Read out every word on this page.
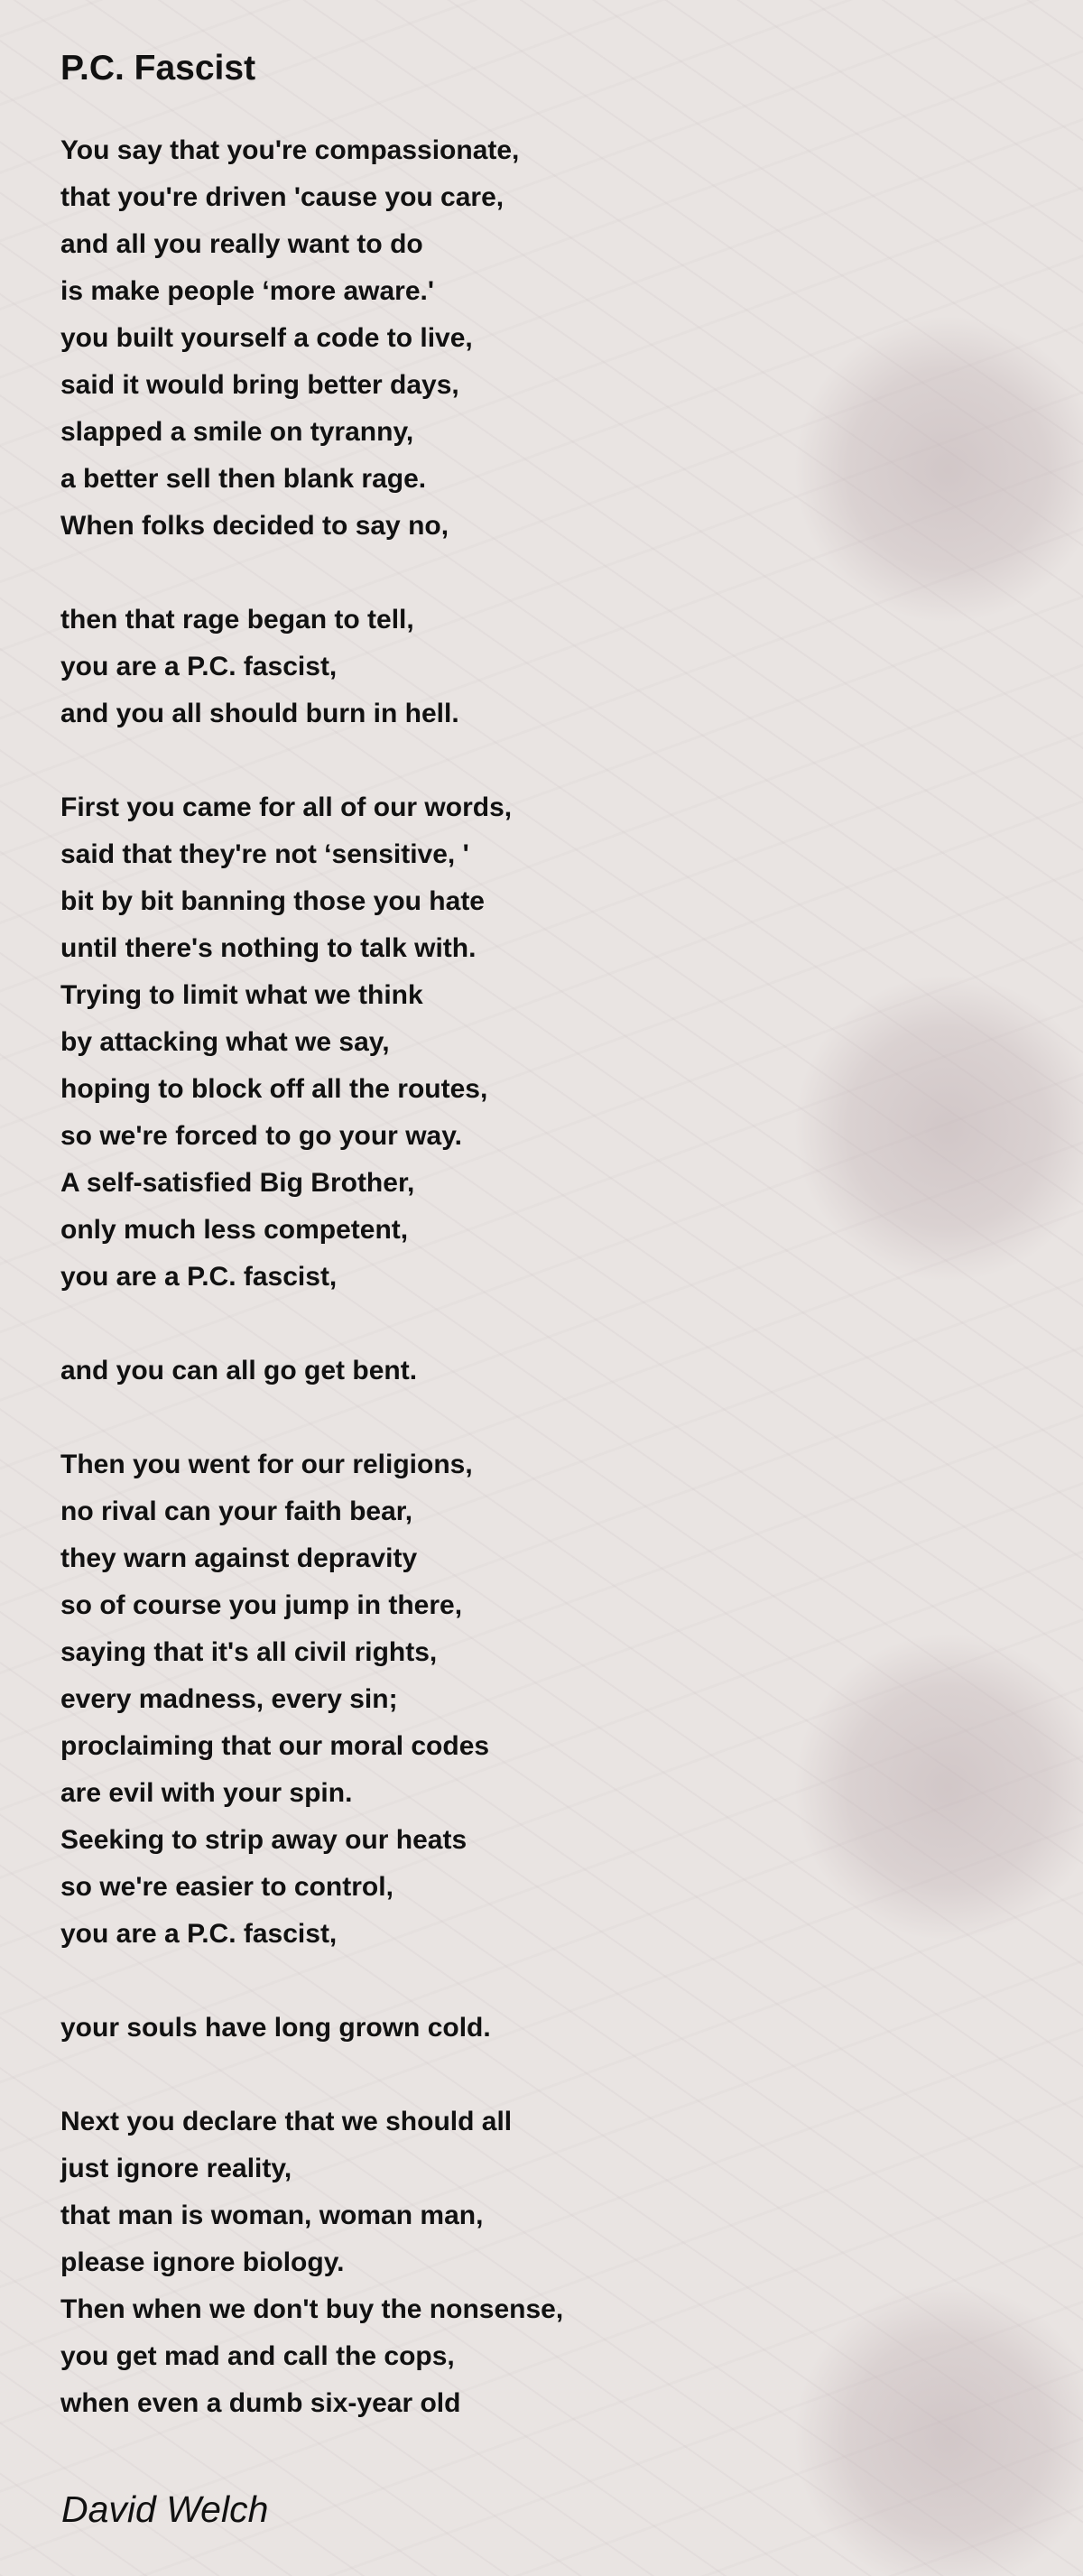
P.C. Fascist
You say that you're compassionate,
that you're driven 'cause you care,
and all you really want to do
is make people ‘more aware.'
you built yourself a code to live,
said it would bring better days,
slapped a smile on tyranny,
a better sell then blank rage.
When folks decided to say no,
then that rage began to tell,
you are a P.C. fascist,
and you all should burn in hell.
First you came for all of our words,
said that they're not ‘sensitive, '
bit by bit banning those you hate
until there's nothing to talk with.
Trying to limit what we think
by attacking what we say,
hoping to block off all the routes,
so we're forced to go your way.
A self-satisfied Big Brother,
only much less competent,
you are a P.C. fascist,
and you can all go get bent.
Then you went for our religions,
no rival can your faith bear,
they warn against depravity
so of course you jump in there,
saying that it's all civil rights,
every madness, every sin;
proclaiming that our moral codes
are evil with your spin.
Seeking to strip away our heats
so we're easier to control,
you are a P.C. fascist,
your souls have long grown cold.
Next you declare that we should all
just ignore reality,
that man is woman, woman man,
please ignore biology.
Then when we don't buy the nonsense,
you get mad and call the cops,
when even a dumb six-year old
David Welch
